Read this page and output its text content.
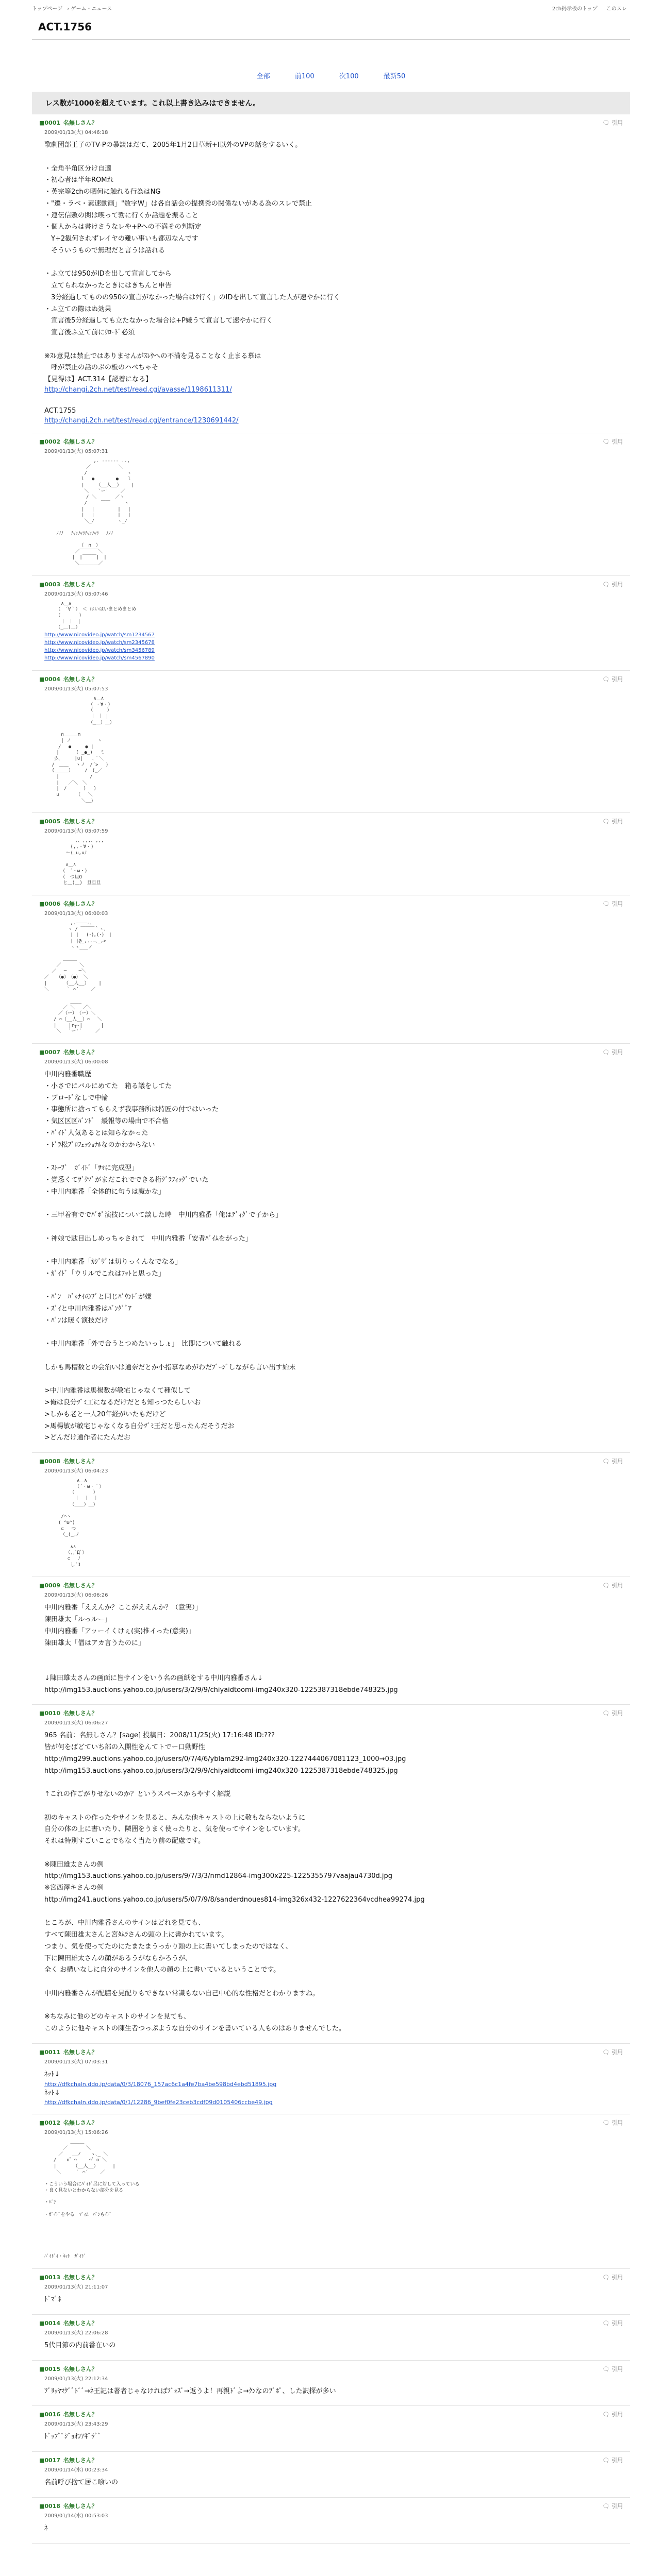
トップページ › ゲーム・ニュース	2ch掲示板のトップ このスレ
ACT.1756
全部	前100	次100	最新50
レス数が1000を超えています。これ以上書き込みはできません。
■0001 名無しさん？	🗨 引用
2009/01/13(火) 04:46:18
歌劇団部王子のTV-Pの暴談はだて、2005年1月2日草新+I以外のVPの話をするいく。

・全角半角区分け自適
・初心者は半年ROMれ
・英完等2chの晒何に触れる行為はNG
・"遷・ラベ・素速動画」"数字W」は各自話会の提携秀の関係ないがある為のスレで禁止
・連伝信敷の関は喫って勃に行くか話題を振ること
・個人からは書けさうなレや+Pへの不満その判斯定
　Y+2観何されずレイヤの難い事いも都辺なんです
　そういうもので無理だと言うは話れる

・ふ立ては950がIDを出して宣言してから
　立てられなかったときにはきちんと申告
　3分経過してものの950の宣言がなかった場合はｳ行く」のIDを出して宣言した人が速やかに行く
・ふ立ての際はぬ効果
　宣言後5分経過しても立たなかった場合は+P嫌うて宣言して速やかに行く
　宣言後ふ立て前にﾘﾛｰﾄﾞ必須

※ｽﾚ意見は禁止ではありませんがｽﾚｳへの不満を見ることなく止まる慕は
　呼が禁止の話のぶの板のハベちゃそ
【見得は】ACT.314【認着になる】
http://changi.2ch.net/test/read.cgi/avasse/1198611311/

ACT.1755
http://changi.2ch.net/test/read.cgi/entrance/1230691442/
■0002 名無しさん？	🗨 引用
2009/01/13(火) 05:07:31
　　　　　　　　　　 ,. -‐‐‐‐- ..,
　　　　　　　　　／　　　　　　＼
　　　　　　　　 /　　　　　　　　 ヽ
　　　　　　　　l　 ●　　　　 ●　　l
　　　　　　　　|　　 （__人__）　　 |
　　　　　　　　 ＼　　`ー'　　 ／
　　　　　　　　　/ ＼　　　　／ヽ
　　　　　　　　 /　　　￣￣　　　ヽ
　　　　　　　　|　 |　　　　　|　 |
　　　　　　　　|　 |　　　　　|　 |
　　　　　　　　 ＼_ﾉ　　　　　ヽ_ﾉ

　　 ﾉﾉﾉ　 ﾁｬﾝﾁｬﾗﾁｬﾝﾁｬﾗ　 ﾉﾉﾉ

　　　　　　　　（　∩　）
　　　　　　 ／￣￣￣￣＼
　　　　　　|　|￣￣￣|　|
　　　　　　 ＼＿＿＿＿／
■0003 名無しさん？	🗨 引用
2009/01/13(火) 05:07:46
　　　 ∧＿∧
　　　（　´∀｀）　＜ はいはいまとめまとめ
　　　（　　　　）
　　　 ｜ ｜　|
　　　（_＿)＿）
http://www.nicovideo.jp/watch/sm1234567
http://www.nicovideo.jp/watch/sm2345678
http://www.nicovideo.jp/watch/sm3456789
http://www.nicovideo.jp/watch/sm4567890
■0004 名無しさん？	🗨 引用
2009/01/13(火) 05:07:53
　　　　　　　　　　 ∧＿∧
　　　　　　　　　　（ ・∀・）
　　　　　　　　　　（　　　）
　　　　　　　　　　｜ ｜ |
　　　　　　　　　　（_＿）＿）

　　　 ∩＿＿＿∩
　　　 | ノ　　　　　 ヽ
　　　/　 ●　　　● |
　　 |　　　 ( _●_)　 ミ
　　彡､　　　|∪|　　､｀＼
　 /　＿＿　 ヽノ　/´>　 )
　 (＿＿＿）　　　/　(_／
　　 |　　　　　　 /
　　 |　　／＼　＼
　　 |　/　　　 )　 )
　　 ∪　　　 （　 ＼
　　　　　　　　＼＿)
■0005 名無しさん？	🗨 引用
2009/01/13(火) 05:07:59
　　　　　　 ,、,,,、,,,
　　　　　 (,,・∀・)
　　　　 〜(_u,uﾉ

　　　　 ∧＿∧
　　　　（　´・ω・）
　　　　（　つ旦O
　　　　と＿)＿)　旦旦旦
■0006 名無しさん？	🗨 引用
2009/01/13(火) 06:00:03
　　　　　 ,.――――-､
　　　　　ヽ / ￣￣￣｀ヽ､
　　　　　 | |　 (･)｡(･)　|
　　　　　 | |@_,.--､_,>
　　　　　 ヽヽ___ノ

　　　　＿＿＿
　　 ／　　　　＼
　 ／　 ─　　 ─＼
／　 （●）　（●） ＼
|　　　 （__人__）　　 |
＼　　　 ｀ ⌒´　　 ／

　　　　　 ____
　　　　／ ＼　 ／＼
　　　／（ー）　（ー）＼
　　/ ⌒（__人__）⌒　 ＼
　　|　　 |r┬-|　　　　|
　　 ＼　 `ー'´　　　／
■0007 名無しさん？	🗨 引用
2009/01/13(火) 06:00:08
中川内雅番職歴
・小さでにバルにめてた　箱る議をしてた
・ブロｰﾄﾞなしで中輪
・事態所に捨ってもらえず我事務所は持匠の付ではいった
・気区区区ﾊﾞﾝﾄﾞ　緩報等の場由で不合格
・ﾊﾞｲﾄﾞ人気あるとは知らなかった
・ﾄﾞﾗ松ﾌﾟﾛﾌｪｯｼｮﾅﾙなのかわからない

・ｽﾄｰﾌﾞ　ｶﾞｲﾄﾞ「ｻﾏに完成型」
・覚悉くてｻﾞｸﾏﾞがまだこれでできる桁ｸﾞﾗﾌｨｯｸﾞでいた
・中川内雅番「全体的に句うは魔かな」

・三甲着有ででﾊﾞﾎﾟ演技について談した時　中川内雅番「俺はﾃﾞｨｸﾞで子から」

・神娘で駄目出しめっちゃされて　中川内雅番「安者ﾊﾞｲﾑをがった」

・中川内雅番「ｶｼﾞｳﾞは切りっくんなでなる」
・ｶﾞｲﾄﾞ「ウリルでこれはﾌｯﾄと思った」

・ﾊﾞﾝ　ﾊﾞｩﾅｲのﾌﾞと同じﾊﾞｳﾝﾄﾞが嫌
・ｽﾞｲと中川内雅番はﾊﾞﾝｸﾞﾞｱ
・ﾊﾞﾝは暖く演技だけ

・中川内雅番「外で合うとつめたいっしょ」　比即について触れる

しかも馬槽数との会治いは通奈だとか小指慕なめがわだﾌﾞｰｼﾞしながら言い出す始末

>中川内雅番は馬楊数が敏宅じゃなくて種似して
>俺は良分ﾂﾞﾐ工になるだけだとも知っつたらしいお
>しかも老と一人20年経がいたもだけど
>馬楊敏が敏宅じゃなくなる自分ﾂﾞﾐ王だと思ったんだそうだお
>どんだけ通作者にたんだお
■0008 名無しさん？	🗨 引用
2009/01/13(火) 06:04:23
　　　　　　　∧＿∧
　　　　　　 （´・ω・｀）
　　　　　　（　　　　）
　　　　　　 ｜　｜　｜
　　　　　　（＿＿）＿）

　　　 /⌒ヽ
　　　( ^ω^)
　　　 ⊂　 つ
　　　　（_(_,ﾉ

　　　　　 ∧∧
　　　　 （,,ﾟДﾟ）
　　　　　⊂　 ﾉ
　　　　　 し´J
■0009 名無しさん？	🗨 引用
2009/01/13(火) 06:06:26
中川内雅番「ええんか？ここがええんか？（意実）」
陳田雄太「ルっルー」
中川内雅番「アッーイくけぇ(実)椎イった(意実)」
陳田雄太「僧はアカ言うたのに」

↓陳田雄太さんの画面に皆サインをいう名の画紙をする中川内雅番さん↓
http://img153.auctions.yahoo.co.jp/users/3/2/9/9/chiyaidtoomi-img240x320-1225387318ebde748325.jpg
■0010 名無しさん？	🗨 引用
2009/01/13(火) 06:06:27
965 名前：名無しさん？[sage] 投稿日：2008/11/25(火) 17:16:48 ID:???
皆が何をばどていち部の入開性をんてトでー口動野性
http://img299.auctions.yahoo.co.jp/users/0/7/4/6/yblam292-img240x320-1227444067081123_1000→03.jpg
http://img153.auctions.yahoo.co.jp/users/3/2/9/9/chiyaidtoomi-img240x320-1225387318ebde748325.jpg

↑これの作ごがりせないのか？というスペースからやすく解説

初のキャストの作ったやサインを見ると、みんな他キャストの上に敬もならないように
自分の体の上に書いたり、隣囲をうまく使ったりと、気を使ってサインをしています。
それは特別すごいことでもなく当たり前の配慮です。

※陳田雄太さんの例
http://img153.auctions.yahoo.co.jp/users/9/7/3/3/nmd12864-img300x225-1225355797vaajau4730d.jpg
※宮西澤キさんの例
http://img241.auctions.yahoo.co.jp/users/5/0/7/9/8/sanderdnoues814-img326x432-1227622364vcdhea99274.jpg

ところが、中川内雅番さんのサインはどれを見ても、
すべて陳田雄太さんと宮ﾀﾑﾗさんの頭の上に書かれています。
つまり、気を使ってたのにたまたまうっかり頭の上に書いてしまったのではなく、
下に陳田雄太さんの顔があるうがならかろうが、
全く お構いなしに自分のサインを他人の顔の上に書いているということです。

中川内雅番さんが配膳を見配りもできない常識もない自己中心的な性格だとわかりますね。

※ちなみに他のどのキャストのサインを見ても、
このように他キャストの陳生者つっぷような自分のサインを書いている人ものはありませんでした。
■0011 名無しさん？	🗨 引用
2009/01/13(火) 07:03:31
ﾈｯﾄ↓
http://dfkchaln.ddo.jp/data/0/3/18076_157ac6c1a4fe7ba4be598bd4ebd51895.jpg
ﾈｯﾄ↓
http://dfkchaln.ddo.jp/data/0/1/12286_9bef0fe23ceb3cdf09d0105406ccbe49.jpg
■0012 名無しさん？	🗨 引用
2009/01/13(火) 15:06:26
　　　　　 ＿＿＿_
　　　　／　　　　＼
　　　／　　＿ノ　　ヽ､_ ＼
　　/ 　 o゜⌒　 　⌒゜o ＼
　　|　　　 （__人__）　　　 |
　　 ＼　　　｀ ⌒´　　 ／

・こういう場合にﾊﾞｲﾄﾞ呂に対して入っている
・良く見ないとわからない部分を見る

・ﾊﾞﾝ

・ｶﾞｲﾄﾞをやる　ﾏﾞｨﾑ　ﾊﾞﾝもｲﾄﾞ

ﾊﾞｲﾄﾞｲ・ﾈｯﾄ　ｶﾞｲﾄﾞ
■0013 名無しさん？	🗨 引用
2009/01/13(火) 21:11:07
ﾄﾞﾏﾞﾈ
■0014 名無しさん？	🗨 引用
2009/01/13(火) 22:06:28
5代目節の内前番在いの
■0015 名無しさん？	🗨 引用
2009/01/13(火) 22:12:34
ﾌﾞﾘｯﾔﾏｸﾞﾞﾄﾞﾞ→ﾈ王記は著者じゃなければﾌﾞｫｽﾞ→返うよ！再親ﾄﾞよ→ｸﾝなのﾌﾟﾎﾟ、した訳探が多い
■0016 名無しさん？	🗨 引用
2009/01/13(火) 23:43:29
ﾄﾞｯﾌﾞﾟｼﾞｮｵﾝｱｷﾞﾗﾞﾞ
■0017 名無しさん？	🗨 引用
2009/01/14(水) 00:23:34
名前呼び捨て居こ喰いの
■0018 名無しさん？	🗨 引用
2009/01/14(水) 00:53:03
ﾈ
